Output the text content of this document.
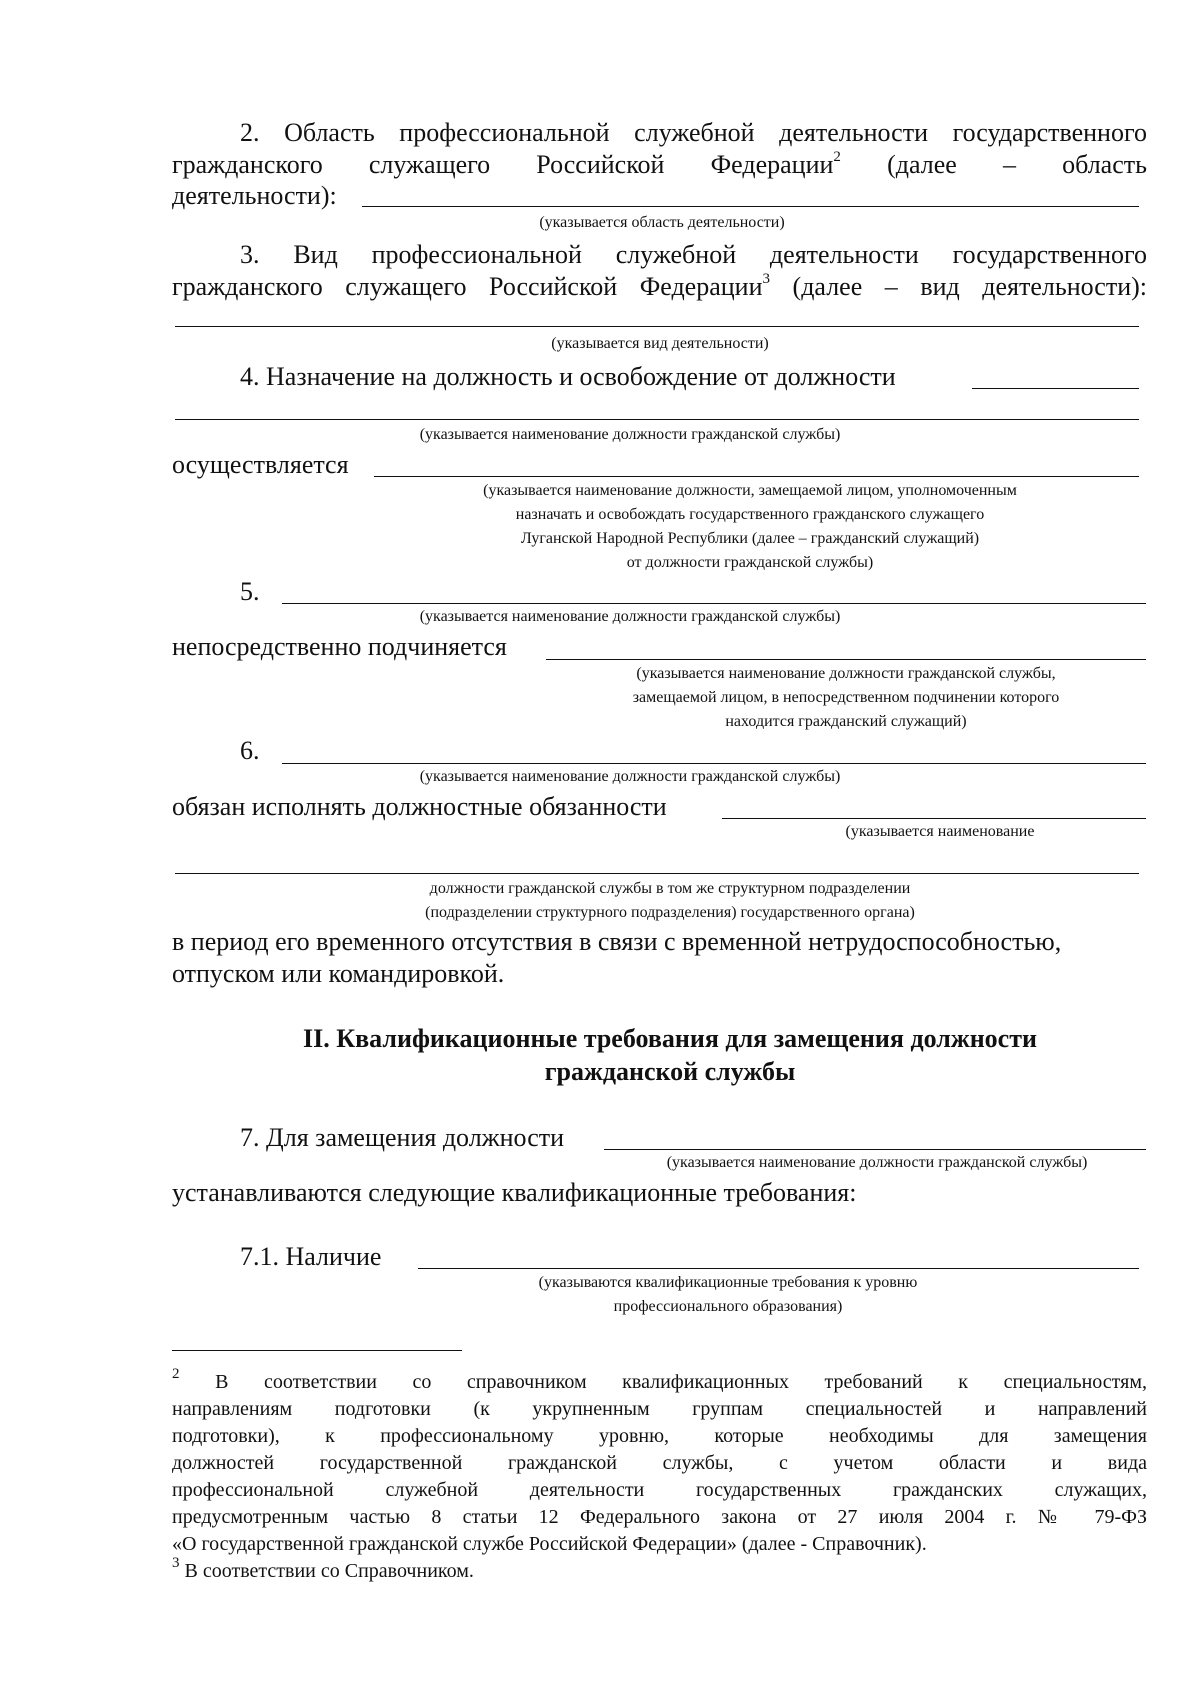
2. Область профессиональной служебной деятельности государственного
гражданского служащего Российской Федерации$^2$ (далее – область
деятельности):
(указывается область деятельности)
3. Вид профессиональной служебной деятельности государственного
гражданского служащего Российской Федерации$^3$ (далее – вид деятельности):
(указывается вид деятельности)
4. Назначение на должность и освобождение от должности
(указывается наименование должности гражданской службы)
осуществляется
(указывается наименование должности, замещаемой лицом, уполномоченным
назначать и освобождать государственного гражданского служащего
Луганской Народной Республики (далее – гражданский служащий)
от должности гражданской службы)
5.
(указывается наименование должности гражданской службы)
непосредственно подчиняется
(указывается наименование должности гражданской службы,
замещаемой лицом, в непосредственном подчинении которого
находится гражданский служащий)
6.
(указывается наименование должности гражданской службы)
обязан исполнять должностные обязанности
(указывается наименование
должности гражданской службы в том же структурном подразделении
(подразделении структурного подразделения) государственного органа)
в период его временного отсутствия в связи с временной нетрудоспособностью,
отпуском или командировкой.
II. Квалификационные требования для замещения должности
гражданской службы
7. Для замещения должности
(указывается наименование должности гражданской службы)
устанавливаются следующие квалификационные требования:
7.1. Наличие
(указываются квалификационные требования к уровню
профессионального образования)
$^2$ В соответствии со справочником квалификационных требований к специальностям,
направлениям подготовки (к укрупненным группам специальностей и направлений
подготовки), к профессиональному уровню, которые необходимы для замещения
должностей государственной гражданской службы, с учетом области и вида
профессиональной служебной деятельности государственных гражданских служащих,
предусмотренным частью 8 статьи 12 Федерального закона от 27 июля 2004 г. № 79-ФЗ
«О государственной гражданской службе Российской Федерации» (далее - Справочник).
$^3$ В соответствии со Справочником.
